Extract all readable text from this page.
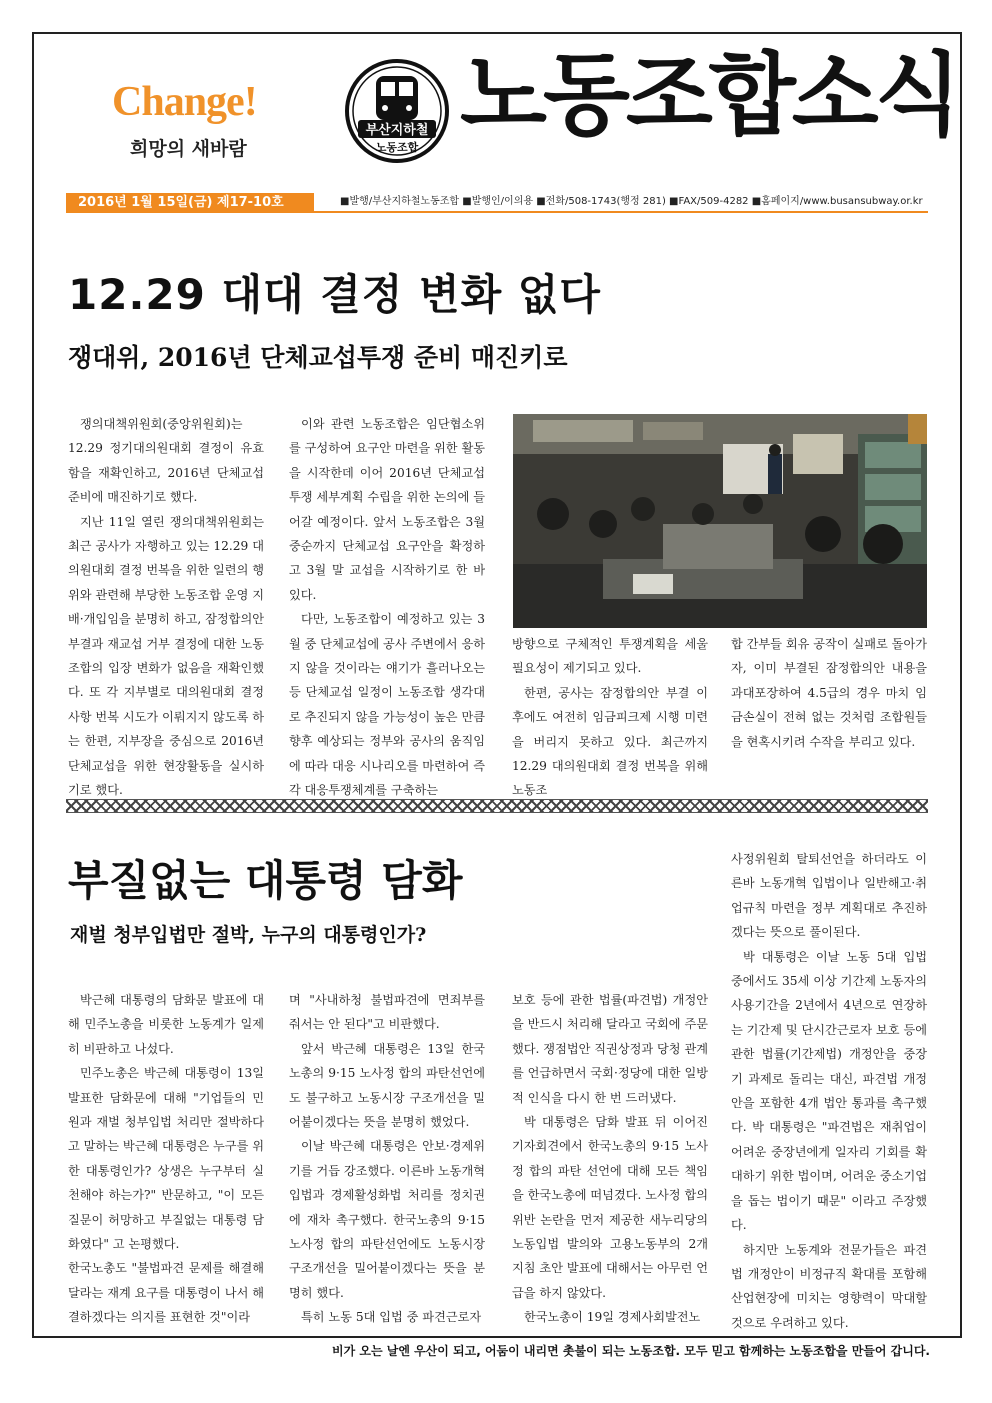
Change!
희망의 새바람
부산지하철
노동조합 노동조합소식
2016년 1월 15일(금) 제17-10호	■발행/부산지하철노동조합 ■발행인/이의용 ■전화/508-1743(행정 281) ■FAX/509-4282 ■홈페이지/www.busansubway.or.kr
12.29 대대 결정 변화 없다
쟁대위, 2016년 단체교섭투쟁 준비 매진키로

쟁의대책위원회(중앙위원회)는 12.29 정기대의원대회 결정이 유효함을 재확인하고, 2016년 단체교섭 준비에 매진하기로 했다.

지난 11일 열린 쟁의대책위원회는 최근 공사가 자행하고 있는 12.29 대의원대회 결정 번복을 위한 일련의 행위와 관련해 부당한 노동조합 운영 지배·개입임을 분명히 하고, 잠정합의안 부결과 재교섭 거부 결정에 대한 노동조합의 입장 변화가 없음을 재확인했다. 또 각 지부별로 대의원대회 결정사항 번복 시도가 이뤄지지 않도록 하는 한편, 지부장을 중심으로 2016년 단체교섭을 위한 현장활동을 실시하기로 했다.

이와 관련 노동조합은 임단협소위를 구성하여 요구안 마련을 위한 활동을 시작한데 이어 2016년 단체교섭투쟁 세부계획 수립을 위한 논의에 들어갈 예정이다. 앞서 노동조합은 3월 중순까지 단체교섭 요구안을 확정하고 3월 말 교섭을 시작하기로 한 바 있다.

다만, 노동조합이 예정하고 있는 3월 중 단체교섭에 공사 주변에서 응하지 않을 것이라는 얘기가 흘러나오는 등 단체교섭 일정이 노동조합 생각대로 추진되지 않을 가능성이 높은 만큼 향후 예상되는 정부와 공사의 움직임에 따라 대응 시나리오를 마련하여 즉각 대응투쟁체계를 구축하는

방향으로 구체적인 투쟁계획을 세울 필요성이 제기되고 있다.

한편, 공사는 잠정합의안 부결 이후에도 여전히 임금피크제 시행 미련을 버리지 못하고 있다. 최근까지 12.29 대의원대회 결정 번복을 위해 노동조

합 간부들 회유 공작이 실패로 돌아가자, 이미 부결된 잠정합의안 내용을 과대포장하여 4.5급의 경우 마치 임금손실이 전혀 없는 것처럼 조합원들을 현혹시키려 수작을 부리고 있다.

부질없는 대통령 담화
재벌 청부입법만 절박, 누구의 대통령인가?

박근혜 대통령의 담화문 발표에 대해 민주노총을 비롯한 노동계가 일제히 비판하고 나섰다.

민주노총은 박근혜 대통령이 13일 발표한 담화문에 대해 "기업들의 민원과 재벌 청부입법 처리만 절박하다고 말하는 박근혜 대통령은 누구를 위한 대통령인가? 상생은 누구부터 실천해야 하는가?" 반문하고, "이 모든 질문이 허망하고 부질없는 대통령 담화였다" 고 논평했다.

한국노총도 "불법파견 문제를 해결해 달라는 재계 요구를 대통령이 나서 해결하겠다는 의지를 표현한 것"이라

며 "사내하청 불법파견에 면죄부를 줘서는 안 된다"고 비판했다.

앞서 박근혜 대통령은 13일 한국노총의 9·15 노사정 합의 파탄선언에도 불구하고 노동시장 구조개선을 밀어붙이겠다는 뜻을 분명히 했었다.

이날 박근혜 대통령은 안보·경제위기를 거듭 강조했다. 이른바 노동개혁 입법과 경제활성화법 처리를 정치권에 재차 촉구했다. 한국노총의 9·15 노사정 합의 파탄선언에도 노동시장 구조개선을 밀어붙이겠다는 뜻을 분명히 했다.

특히 노동 5대 입법 중 파견근로자

보호 등에 관한 법률(파견법) 개정안을 반드시 처리해 달라고 국회에 주문했다. 쟁점법안 직권상정과 당청 관계를 언급하면서 국회·정당에 대한 일방적 인식을 다시 한 번 드러냈다.

박 대통령은 담화 발표 뒤 이어진 기자회견에서 한국노총의 9·15 노사정 합의 파탄 선언에 대해 모든 책임을 한국노총에 떠넘겼다. 노사정 합의 위반 논란을 먼저 제공한 새누리당의 노동입법 발의와 고용노동부의 2개 지침 초안 발표에 대해서는 아무런 언급을 하지 않았다.

한국노총이 19일 경제사회발전노

사정위원회 탈퇴선언을 하더라도 이른바 노동개혁 입법이나 일반해고·취업규칙 마련을 정부 계획대로 추진하겠다는 뜻으로 풀이된다.

박 대통령은 이날 노동 5대 입법 중에서도 35세 이상 기간제 노동자의 사용기간을 2년에서 4년으로 연장하는 기간제 및 단시간근로자 보호 등에 관한 법률(기간제법) 개정안을 중장기 과제로 돌리는 대신, 파견법 개정안을 포함한 4개 법안 통과를 촉구했다. 박 대통령은 "파견법은 재취업이 어려운 중장년에게 일자리 기회를 확대하기 위한 법이며, 어려운 중소기업을 돕는 법이기 때문" 이라고 주장했다.

하지만 노동계와 전문가들은 파견법 개정안이 비정규직 확대를 포함해 산업현장에 미치는 영향력이 막대할 것으로 우려하고 있다.

비가 오는 날엔 우산이 되고, 어둠이 내리면 촛불이 되는 노동조합. 모두 믿고 함께하는 노동조합을 만들어 갑니다.
